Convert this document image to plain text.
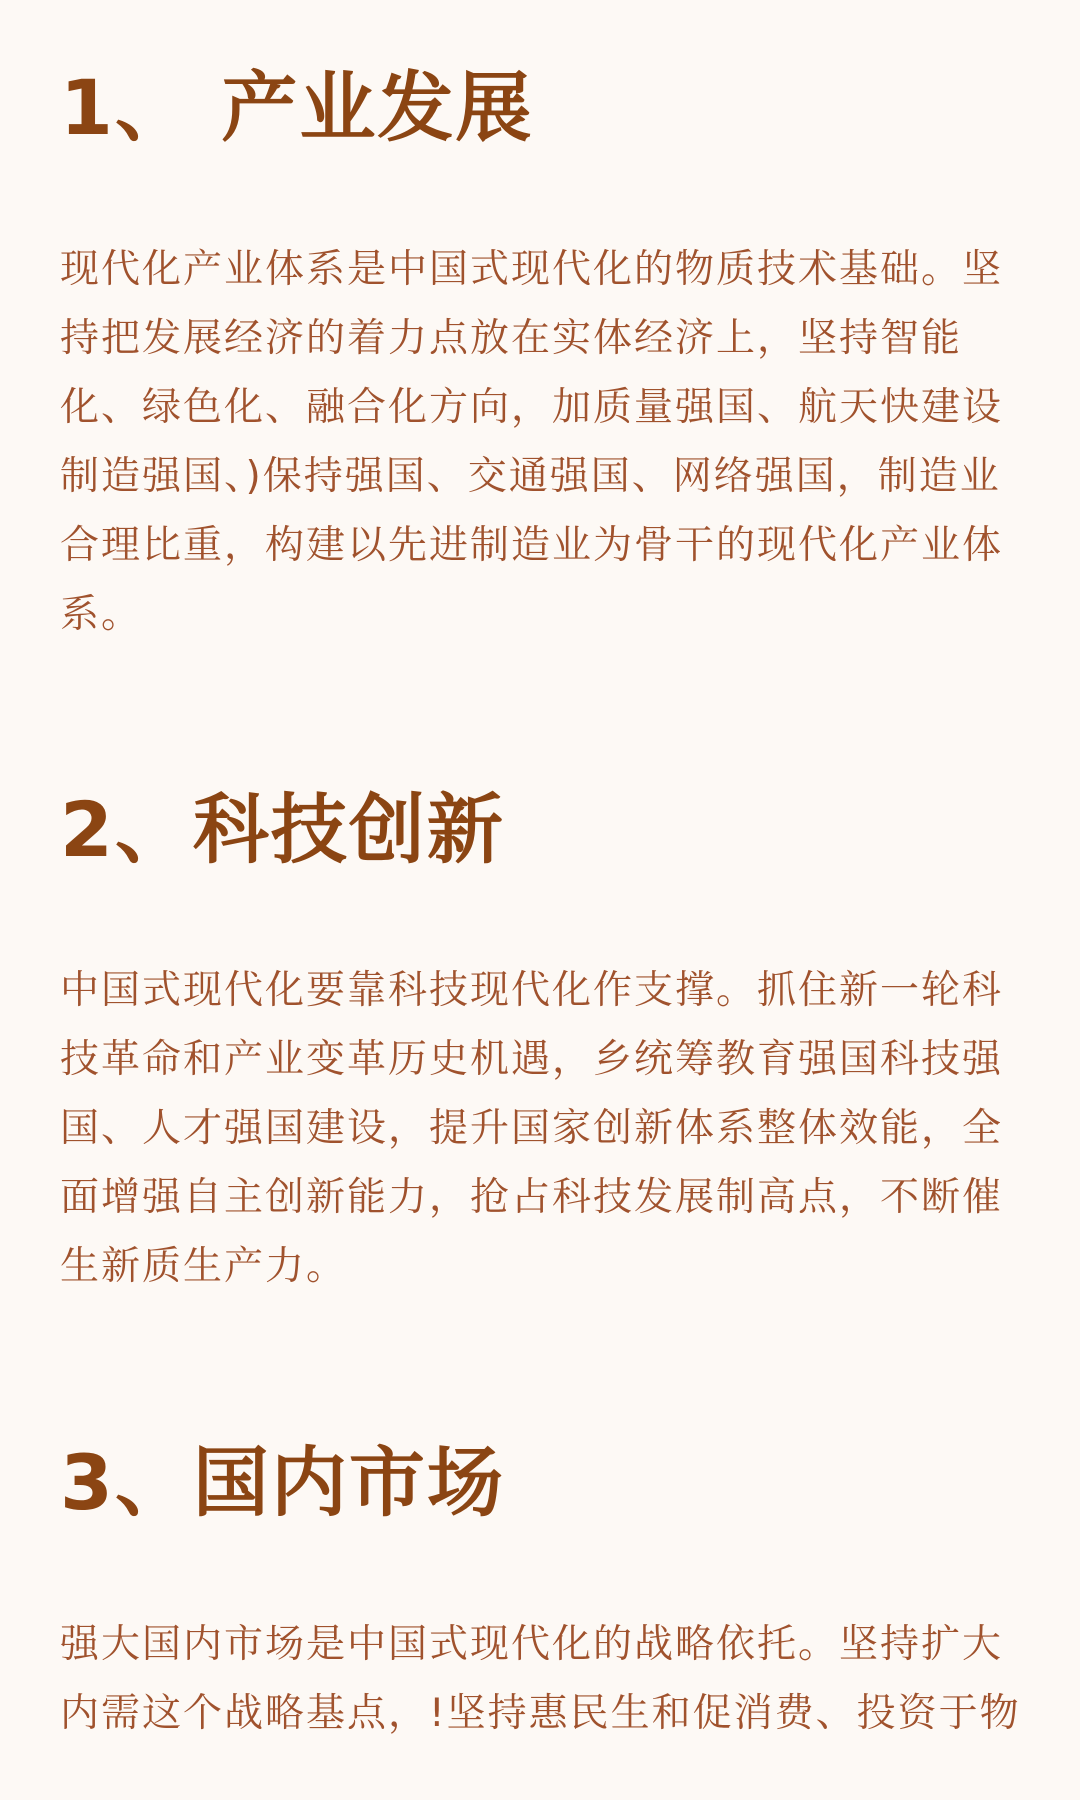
1、 产业发展
现代化产业体系是中国式现代化的物质技术基础。坚
持把发展经济的着力点放在实体经济上，坚持智能
化、绿色化、融合化方向，加质量强国、航天快建设
制造强国、)保持强国、交通强国、网络强国，制造业
合理比重，构建以先进制造业为骨干的现代化产业体
系。
2、科技创新
中国式现代化要靠科技现代化作支撑。抓住新一轮科
技革命和产业变革历史机遇，乡统筹教育强国科技强
国、人才强国建设，提升国家创新体系整体效能，全
面增强自主创新能力，抢占科技发展制高点，不断催
生新质生产力。
3、国内市场
强大国内市场是中国式现代化的战略依托。坚持扩大
内需这个战略基点，!坚持惠民生和促消费、投资于物
